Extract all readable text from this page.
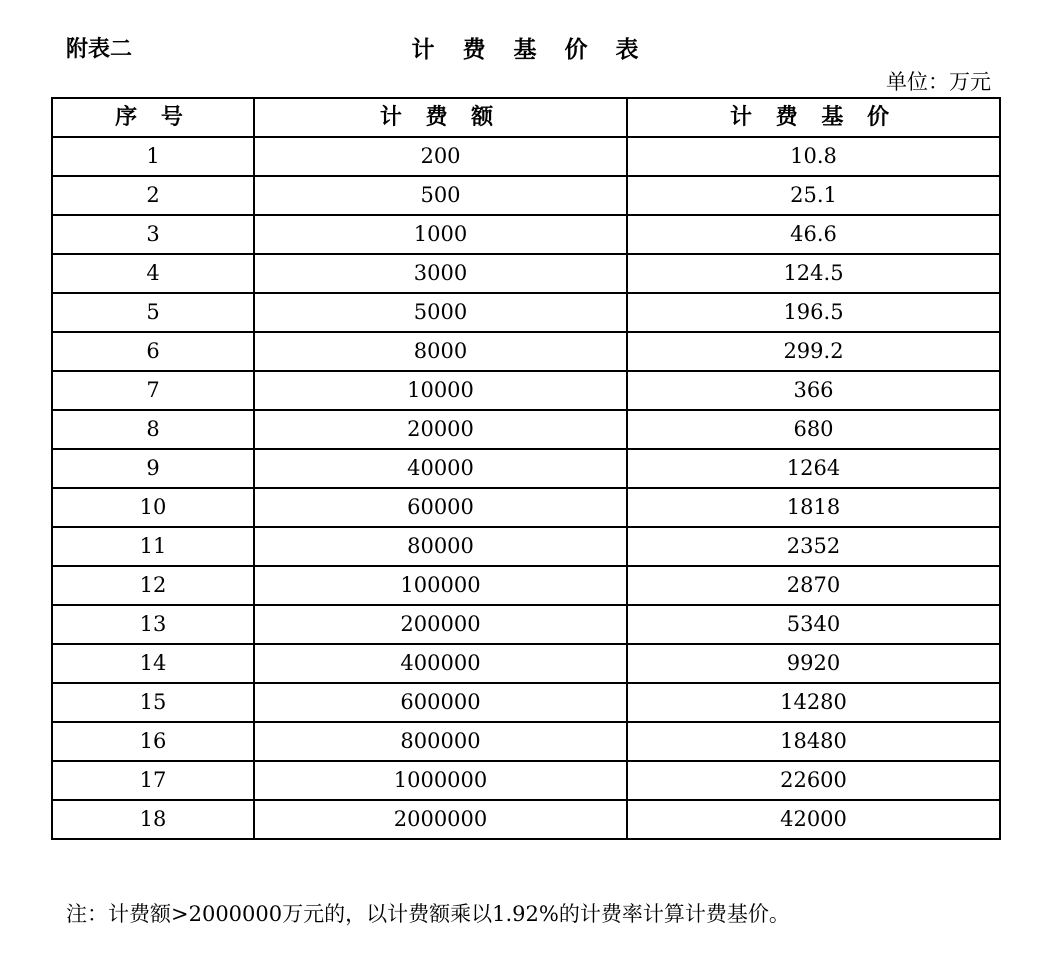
附表二	计 费 基 价 表
单位：万元
序 号	计 费 额	计 费 基 价
1	200	10.8
2	500	25.1
3	1000	46.6
4	3000	124.5
5	5000	196.5
6	8000	299.2
7	10000	366
8	20000	680
9	40000	1264
10	60000	1818
11	80000	2352
12	100000	2870
13	200000	5340
14	400000	9920
15	600000	14280
16	800000	18480
17	1000000	22600
18	2000000	42000
注：计费额>2000000万元的，以计费额乘以1.92%的计费率计算计费基价。
